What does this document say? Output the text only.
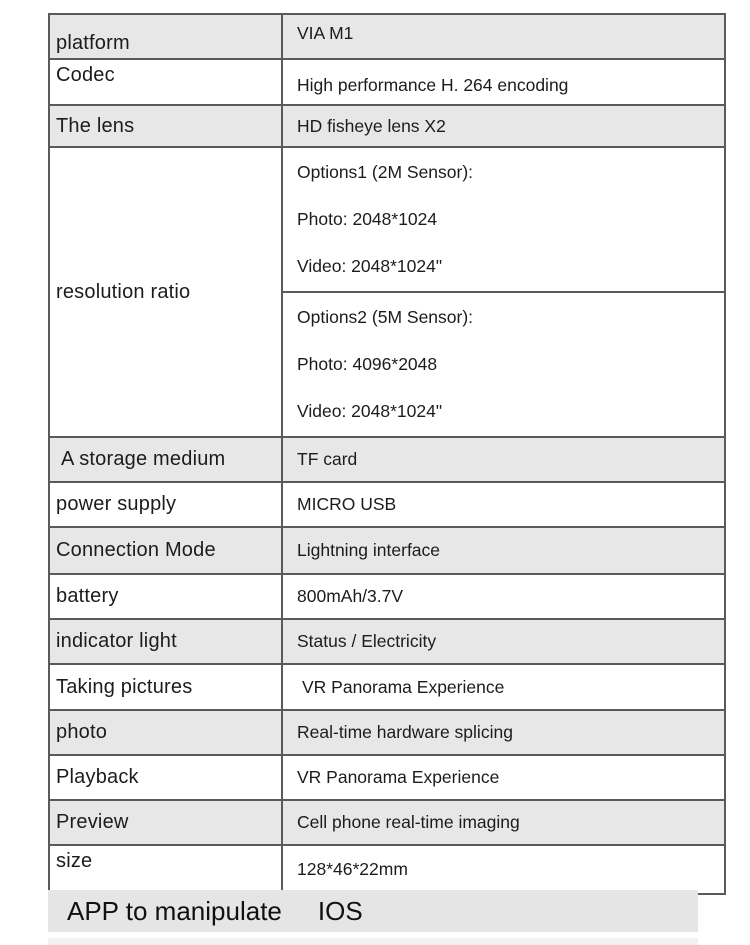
platform	VIA M1
Codec	High performance H. 264 encoding
The lens	HD fisheye lens X2
resolution ratio	Options1 (2M Sensor):
Photo: 2048*1024
Video: 2048*1024"

	Options2 (5M Sensor):
Photo: 4096*2048
Video: 2048*1024"

A storage medium	TF card
power supply	MICRO USB
Connection Mode	Lightning interface
battery	800mAh/3.7V
indicator light	Status / Electricity
Taking pictures	VR Panorama Experience
photo	Real-time hardware splicing
Playback	VR Panorama Experience
Preview	Cell phone real-time imaging
size	128*46*22mm
APP to manipulate IOS
